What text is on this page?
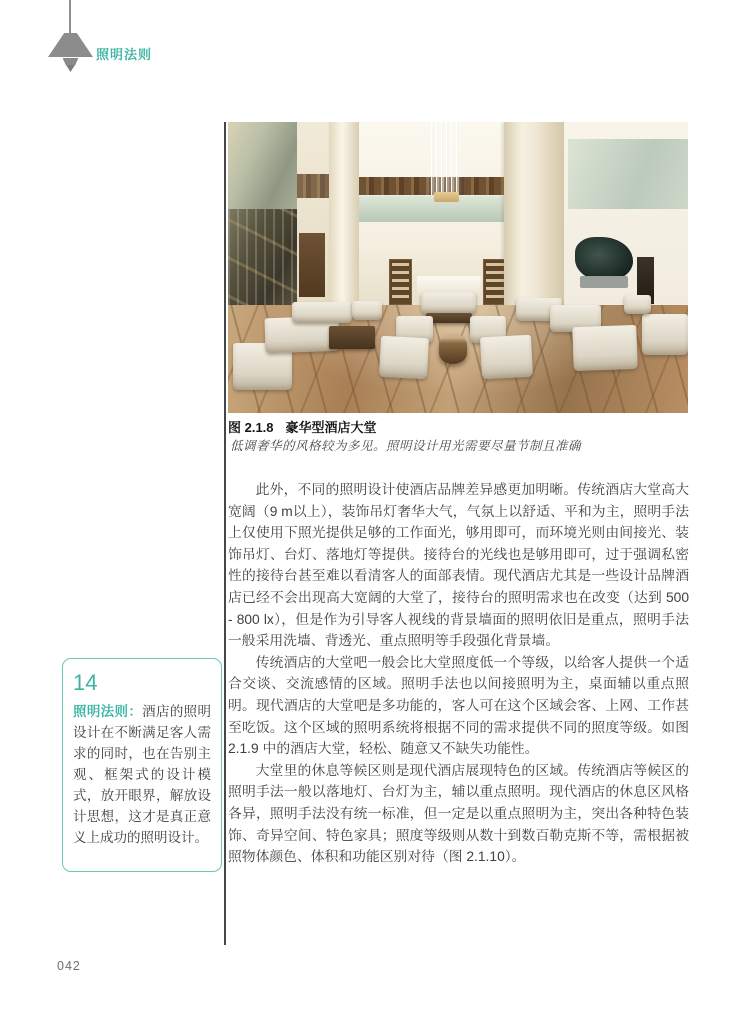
照明法则
图 2.1.8 豪华型酒店大堂
低调奢华的风格较为多见。照明设计用光需要尽量节制且准确

此外，不同的照明设计使酒店品牌差异感更加明晰。传统酒店大堂高大宽阔（9 m以上），装饰吊灯奢华大气，气氛上以舒适、平和为主，照明手法上仅使用下照光提供足够的工作面光，够用即可，而环境光则由间接光、装饰吊灯、台灯、落地灯等提供。接待台的光线也是够用即可，过于强调私密性的接待台甚至难以看清客人的面部表情。现代酒店尤其是一些设计品牌酒店已经不会出现高大宽阔的大堂了，接待台的照明需求也在改变（达到 500 - 800 lx），但是作为引导客人视线的背景墙面的照明依旧是重点，照明手法一般采用洗墙、背透光、重点照明等手段强化背景墙。

传统酒店的大堂吧一般会比大堂照度低一个等级，以给客人提供一个适合交谈、交流感情的区域。照明手法也以间接照明为主，桌面辅以重点照明。现代酒店的大堂吧是多功能的，客人可在这个区域会客、上网、工作甚至吃饭。这个区域的照明系统将根据不同的需求提供不同的照度等级。如图 2.1.9 中的酒店大堂，轻松、随意又不缺失功能性。

大堂里的休息等候区则是现代酒店展现特色的区域。传统酒店等候区的照明手法一般以落地灯、台灯为主，辅以重点照明。现代酒店的休息区风格各异，照明手法没有统一标准，但一定是以重点照明为主，突出各种特色装饰、奇异空间、特色家具；照度等级则从数十到数百勒克斯不等，需根据被照物体颜色、体积和功能区别对待（图 2.1.10）。

14
照明法则：酒店的照明设计在不断满足客人需求的同时，也在告别主观、框架式的设计模式，放开眼界，解放设计思想，这才是真正意义上成功的照明设计。
042
